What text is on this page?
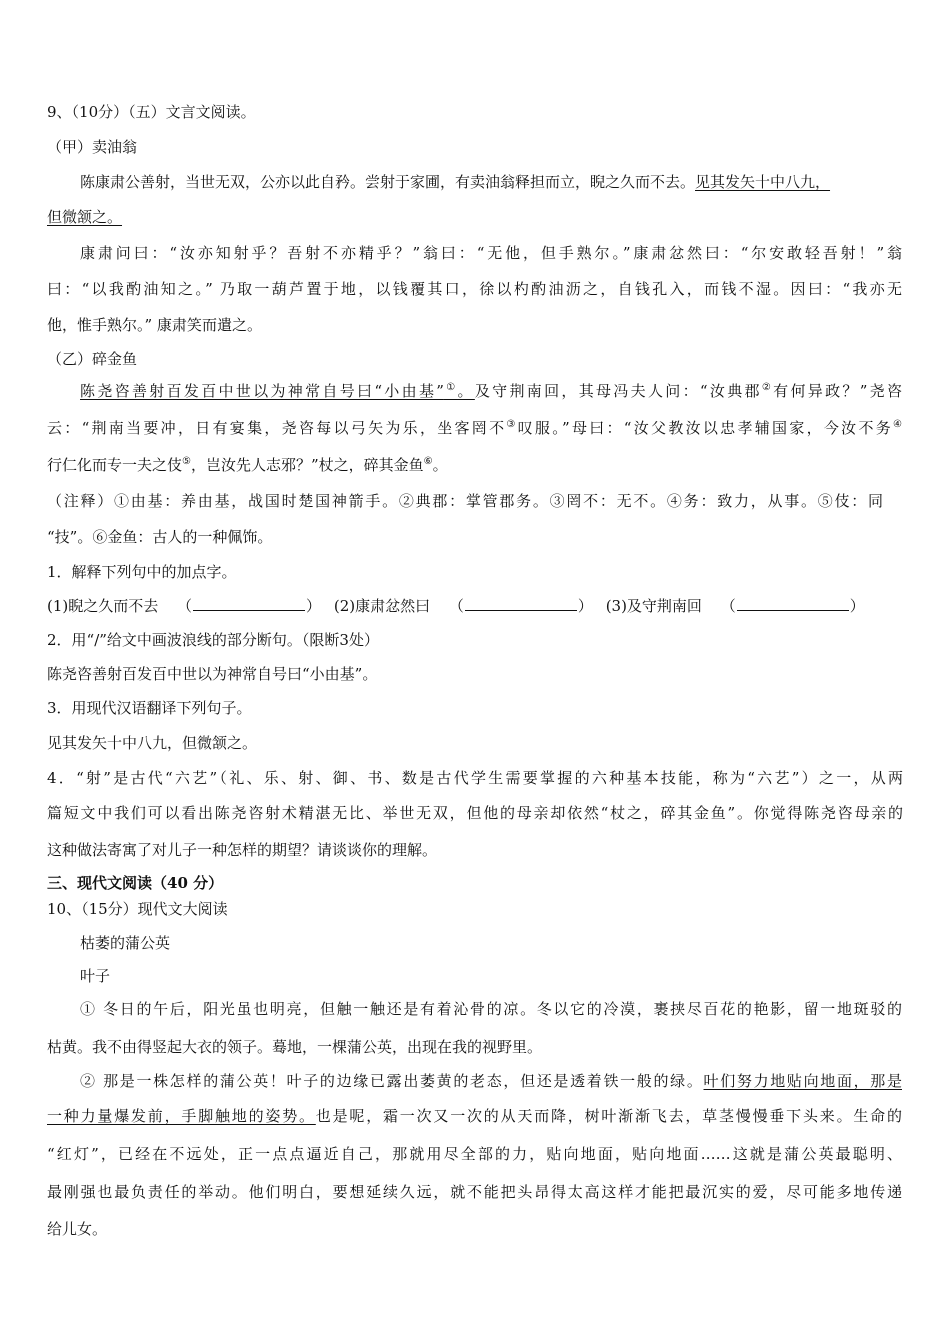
9、（10分）（五）文言文阅读。
（甲）卖油翁
陈康肃公善射，当世无双，公亦以此自矜。尝射于家圃，有卖油翁释担而立，睨之久而不去。见其发矢十中八九，
但微颔之。
康肃问曰：“汝亦知射乎？吾射不亦精乎？”翁曰：“无他，但手熟尔。”康肃忿然曰：“尔安敢轻吾射！”翁
曰：“以我酌油知之。” 乃取一葫芦置于地，以钱覆其口，徐以杓酌油沥之，自钱孔入，而钱不湿。因曰：“我亦无
他，惟手熟尔。” 康肃笑而遣之。
（乙）碎金鱼
陈尧咨善射百发百中世以为神常自号曰“小由基”①。及守荆南回，其母冯夫人问：“汝典郡②有何异政？”尧咨
云：“荆南当要冲，日有宴集，尧咨每以弓矢为乐，坐客罔不③叹服。”母曰：“汝父教汝以忠孝辅国家，今汝不务④
行仁化而专一夫之伎⑤，岂汝先人志邪？”杖之，碎其金鱼⑥。
（注释）①由基：养由基，战国时楚国神箭手。②典郡：掌管郡务。③罔不：无不。④务：致力，从事。⑤伎：同
“技”。⑥金鱼：古人的一种佩饰。
1．解释下列句中的加点字。
(1)睨之久而不去 （	） (2)康肃忿然曰 （	） (3)及守荆南回 （	）
2．用“/”给文中画波浪线的部分断句。（限断3处）
陈尧咨善射百发百中世以为神常自号曰“小由基”。
3．用现代汉语翻译下列句子。
见其发矢十中八九，但微颔之。
4．“射”是古代“六艺”（礼、乐、射、御、书、数是古代学生需要掌握的六种基本技能，称为“六艺”）之一，从两
篇短文中我们可以看出陈尧咨射术精湛无比、举世无双，但他的母亲却依然“杖之，碎其金鱼”。你觉得陈尧咨母亲的
这种做法寄寓了对儿子一种怎样的期望？请谈谈你的理解。
三、现代文阅读（40 分）
10、（15分）现代文大阅读
枯萎的蒲公英
叶子
① 冬日的午后，阳光虽也明亮，但触一触还是有着沁骨的凉。冬以它的冷漠，裹挟尽百花的艳影，留一地斑驳的
枯黄。我不由得竖起大衣的领子。蓦地，一棵蒲公英，出现在我的视野里。
② 那是一株怎样的蒲公英！叶子的边缘已露出萎黄的老态，但还是透着铁一般的绿。叶们努力地贴向地面，那是
一种力量爆发前，手脚触地的姿势。也是呢，霜一次又一次的从天而降，树叶渐渐飞去，草茎慢慢垂下头来。生命的
“红灯”，已经在不远处，正一点点逼近自己，那就用尽全部的力，贴向地面，贴向地面……这就是蒲公英最聪明、
最刚强也最负责任的举动。他们明白，要想延续久远，就不能把头昂得太高这样才能把最沉实的爱，尽可能多地传递
给儿女。
